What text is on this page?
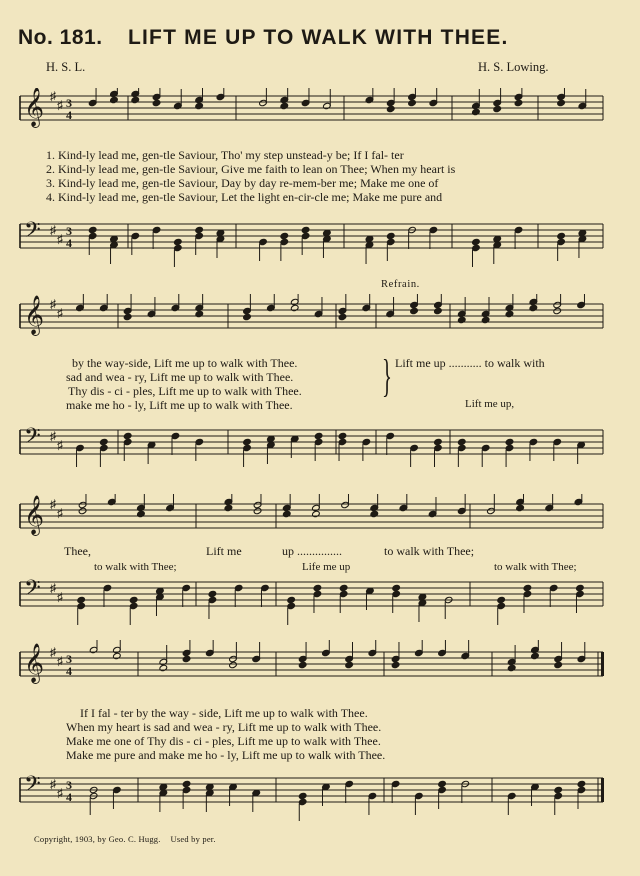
No. 181. LIFT ME UP TO WALK WITH THEE.
H. S. L.	H. S. Lowing.
𝄞 ♯
♯ 3
4
1. Kind-ly lead me, gen-tle Saviour, Tho' my step unstead-y be; If I fal- ter
2. Kind-ly lead me, gen-tle Saviour, Give me faith to lean on Thee; When my heart is
3. Kind-ly lead me, gen-tle Saviour, Day by day re-mem-ber me; Make me one of
4. Kind-ly lead me, gen-tle Saviour, Let the light en-cir-cle me; Make me pure and
𝄢 ♯
♯
3
4
Refrain.
𝄞 ♯
♯
by the way-side, Lift me up to walk with Thee.
sad and wea - ry, Lift me up to walk with Thee.
Thy dis - ci - ples, Lift me up to walk with Thee.
make me ho - ly, Lift me up to walk with Thee.
} Lift me up ........... to walk with
Lift me up,
𝄢 ♯
♯
𝄞 ♯
♯
Thee,	Lift me	up ...............	to walk with Thee;
to walk with Thee;	Life me up	to walk with Thee;
𝄢 ♯
♯
𝄞 ♯
♯ 3
4
If I fal - ter by the way - side, Lift me up to walk with Thee.
When my heart is sad and wea - ry, Lift me up to walk with Thee.
Make me one of Thy dis - ci - ples, Lift me up to walk with Thee.
Make me pure and make me ho - ly, Lift me up to walk with Thee.
𝄢 ♯
♯
3
4
Copyright, 1903, by Geo. C. Hugg. Used by per.
